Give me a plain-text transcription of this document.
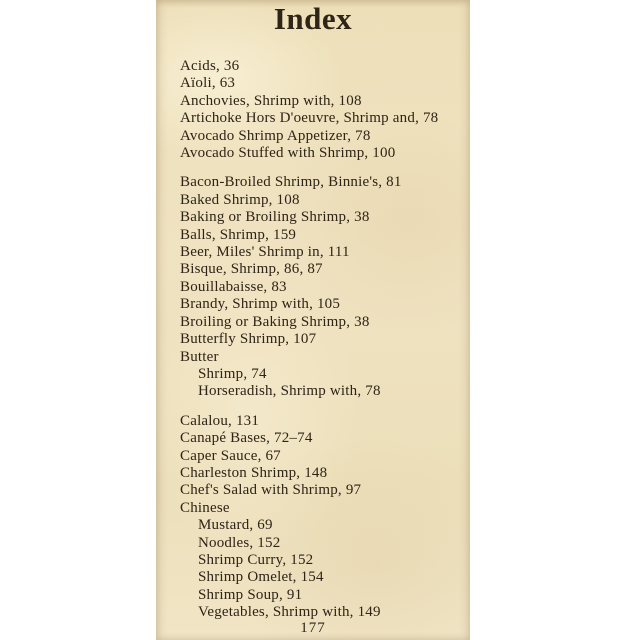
Index
Acids, 36
Aïoli, 63
Anchovies, Shrimp with, 108
Artichoke Hors D'oeuvre, Shrimp and, 78
Avocado Shrimp Appetizer, 78
Avocado Stuffed with Shrimp, 100
Bacon-Broiled Shrimp, Binnie's, 81
Baked Shrimp, 108
Baking or Broiling Shrimp, 38
Balls, Shrimp, 159
Beer, Miles' Shrimp in, 111
Bisque, Shrimp, 86, 87
Bouillabaisse, 83
Brandy, Shrimp with, 105
Broiling or Baking Shrimp, 38
Butterfly Shrimp, 107
Butter
Shrimp, 74
Horseradish, Shrimp with, 78
Calalou, 131
Canapé Bases, 72–74
Caper Sauce, 67
Charleston Shrimp, 148
Chef's Salad with Shrimp, 97
Chinese
Mustard, 69
Noodles, 152
Shrimp Curry, 152
Shrimp Omelet, 154
Shrimp Soup, 91
Vegetables, Shrimp with, 149
177
